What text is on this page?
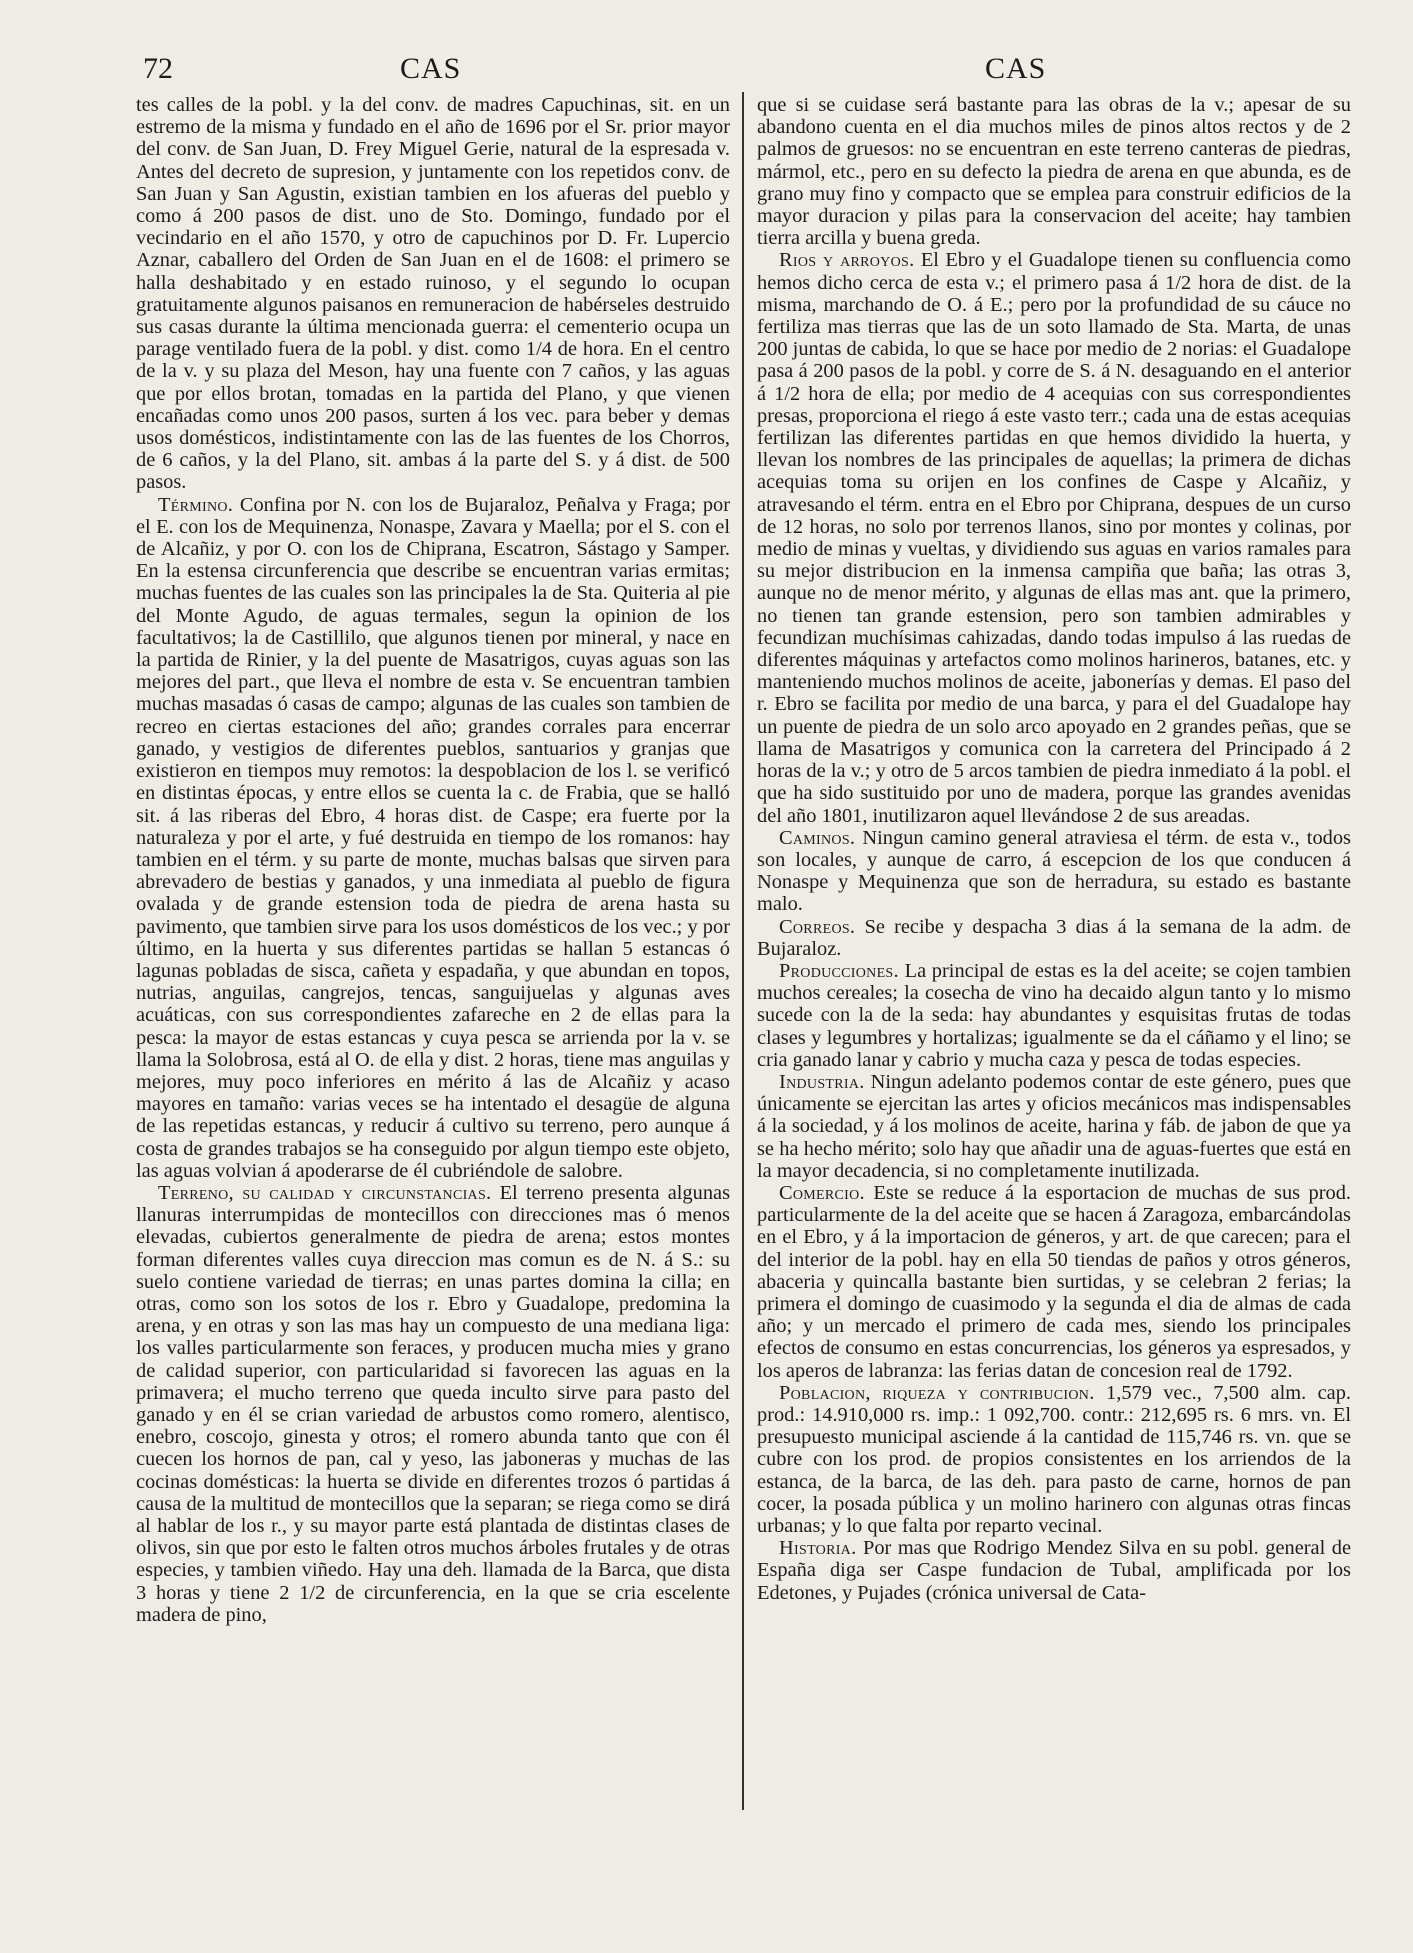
72	CAS	CAS

tes calles de la pobl. y la del conv. de madres Capuchinas, sit. en un estremo de la misma y fundado en el año de 1696 por el Sr. prior mayor del conv. de San Juan, D. Frey Miguel Gerie, natural de la espresada v. Antes del decreto de supresion, y juntamente con los repetidos conv. de San Juan y San Agustin, existian tambien en los afueras del pueblo y como á 200 pasos de dist. uno de Sto. Domingo, fundado por el vecindario en el año 1570, y otro de capuchinos por D. Fr. Lupercio Aznar, caballero del Orden de San Juan en el de 1608: el primero se halla deshabitado y en estado ruinoso, y el segundo lo ocupan gratuitamente algunos paisanos en remuneracion de habérseles destruido sus casas durante la última mencionada guerra: el cementerio ocupa un parage ventilado fuera de la pobl. y dist. como 1/4 de hora. En el centro de la v. y su plaza del Meson, hay una fuente con 7 caños, y las aguas que por ellos brotan, tomadas en la partida del Plano, y que vienen encañadas como unos 200 pasos, surten á los vec. para beber y demas usos domésticos, indistintamente con las de las fuentes de los Chorros, de 6 caños, y la del Plano, sit. ambas á la parte del S. y á dist. de 500 pasos.

Término. Confina por N. con los de Bujaraloz, Peñalva y Fraga; por el E. con los de Mequinenza, Nonaspe, Zavara y Maella; por el S. con el de Alcañiz, y por O. con los de Chiprana, Escatron, Sástago y Samper. En la estensa circunferencia que describe se encuentran varias ermitas; muchas fuentes de las cuales son las principales la de Sta. Quiteria al pie del Monte Agudo, de aguas termales, segun la opinion de los facultativos; la de Castillilo, que algunos tienen por mineral, y nace en la partida de Rinier, y la del puente de Masatrigos, cuyas aguas son las mejores del part., que lleva el nombre de esta v. Se encuentran tambien muchas masadas ó casas de campo; algunas de las cuales son tambien de recreo en ciertas estaciones del año; grandes corrales para encerrar ganado, y vestigios de diferentes pueblos, santuarios y granjas que existieron en tiempos muy remotos: la despoblacion de los l. se verificó en distintas épocas, y entre ellos se cuenta la c. de Frabia, que se halló sit. á las riberas del Ebro, 4 horas dist. de Caspe; era fuerte por la naturaleza y por el arte, y fué destruida en tiempo de los romanos: hay tambien en el térm. y su parte de monte, muchas balsas que sirven para abrevadero de bestias y ganados, y una inmediata al pueblo de figura ovalada y de grande estension toda de piedra de arena hasta su pavimento, que tambien sirve para los usos domésticos de los vec.; y por último, en la huerta y sus diferentes partidas se hallan 5 estancas ó lagunas pobladas de sisca, cañeta y espadaña, y que abundan en topos, nutrias, anguilas, cangrejos, tencas, sanguijuelas y algunas aves acuáticas, con sus correspondientes zafareche en 2 de ellas para la pesca: la mayor de estas estancas y cuya pesca se arrienda por la v. se llama la Solobrosa, está al O. de ella y dist. 2 horas, tiene mas anguilas y mejores, muy poco inferiores en mérito á las de Alcañiz y acaso mayores en tamaño: varias veces se ha intentado el desagüe de alguna de las repetidas estancas, y reducir á cultivo su terreno, pero aunque á costa de grandes trabajos se ha conseguido por algun tiempo este objeto, las aguas volvian á apoderarse de él cubriéndole de salobre.

Terreno, su calidad y circunstancias. El terreno presenta algunas llanuras interrumpidas de montecillos con direcciones mas ó menos elevadas, cubiertos generalmente de piedra de arena; estos montes forman diferentes valles cuya direccion mas comun es de N. á S.: su suelo contiene variedad de tierras; en unas partes domina la cilla; en otras, como son los sotos de los r. Ebro y Guadalope, predomina la arena, y en otras y son las mas hay un compuesto de una mediana liga: los valles particularmente son feraces, y producen mucha mies y grano de calidad superior, con particularidad si favorecen las aguas en la primavera; el mucho terreno que queda inculto sirve para pasto del ganado y en él se crian variedad de arbustos como romero, alentisco, enebro, coscojo, ginesta y otros; el romero abunda tanto que con él cuecen los hornos de pan, cal y yeso, las jaboneras y muchas de las cocinas domésticas: la huerta se divide en diferentes trozos ó partidas á causa de la multitud de montecillos que la separan; se riega como se dirá al hablar de los r., y su mayor parte está plantada de distintas clases de olivos, sin que por esto le falten otros muchos árboles frutales y de otras especies, y tambien viñedo. Hay una deh. llamada de la Barca, que dista 3 horas y tiene 2 1/2 de circunferencia, en la que se cria escelente madera de pino,

que si se cuidase será bastante para las obras de la v.; apesar de su abandono cuenta en el dia muchos miles de pinos altos rectos y de 2 palmos de gruesos: no se encuentran en este terreno canteras de piedras, mármol, etc., pero en su defecto la piedra de arena en que abunda, es de grano muy fino y compacto que se emplea para construir edificios de la mayor duracion y pilas para la conservacion del aceite; hay tambien tierra arcilla y buena greda.

Rios y arroyos. El Ebro y el Guadalope tienen su confluencia como hemos dicho cerca de esta v.; el primero pasa á 1/2 hora de dist. de la misma, marchando de O. á E.; pero por la profundidad de su cáuce no fertiliza mas tierras que las de un soto llamado de Sta. Marta, de unas 200 juntas de cabida, lo que se hace por medio de 2 norias: el Guadalope pasa á 200 pasos de la pobl. y corre de S. á N. desaguando en el anterior á 1/2 hora de ella; por medio de 4 acequias con sus correspondientes presas, proporciona el riego á este vasto terr.; cada una de estas acequias fertilizan las diferentes partidas en que hemos dividido la huerta, y llevan los nombres de las principales de aquellas; la primera de dichas acequias toma su orijen en los confines de Caspe y Alcañiz, y atravesando el térm. entra en el Ebro por Chiprana, despues de un curso de 12 horas, no solo por terrenos llanos, sino por montes y colinas, por medio de minas y vueltas, y dividiendo sus aguas en varios ramales para su mejor distribucion en la inmensa campiña que baña; las otras 3, aunque no de menor mérito, y algunas de ellas mas ant. que la primero, no tienen tan grande estension, pero son tambien admirables y fecundizan muchísimas cahizadas, dando todas impulso á las ruedas de diferentes máquinas y artefactos como molinos harineros, batanes, etc. y manteniendo muchos molinos de aceite, jabonerías y demas. El paso del r. Ebro se facilita por medio de una barca, y para el del Guadalope hay un puente de piedra de un solo arco apoyado en 2 grandes peñas, que se llama de Masatrigos y comunica con la carretera del Principado á 2 horas de la v.; y otro de 5 arcos tambien de piedra inmediato á la pobl. el que ha sido sustituido por uno de madera, porque las grandes avenidas del año 1801, inutilizaron aquel llevándose 2 de sus areadas.

Caminos. Ningun camino general atraviesa el térm. de esta v., todos son locales, y aunque de carro, á escepcion de los que conducen á Nonaspe y Mequinenza que son de herradura, su estado es bastante malo.

Correos. Se recibe y despacha 3 dias á la semana de la adm. de Bujaraloz.

Producciones. La principal de estas es la del aceite; se cojen tambien muchos cereales; la cosecha de vino ha decaido algun tanto y lo mismo sucede con la de la seda: hay abundantes y esquisitas frutas de todas clases y legumbres y hortalizas; igualmente se da el cáñamo y el lino; se cria ganado lanar y cabrio y mucha caza y pesca de todas especies.

Industria. Ningun adelanto podemos contar de este género, pues que únicamente se ejercitan las artes y oficios mecánicos mas indispensables á la sociedad, y á los molinos de aceite, harina y fáb. de jabon de que ya se ha hecho mérito; solo hay que añadir una de aguas-fuertes que está en la mayor decadencia, si no completamente inutilizada.

Comercio. Este se reduce á la esportacion de muchas de sus prod. particularmente de la del aceite que se hacen á Zaragoza, embarcándolas en el Ebro, y á la importacion de géneros, y art. de que carecen; para el del interior de la pobl. hay en ella 50 tiendas de paños y otros géneros, abaceria y quincalla bastante bien surtidas, y se celebran 2 ferias; la primera el domingo de cuasimodo y la segunda el dia de almas de cada año; y un mercado el primero de cada mes, siendo los principales efectos de consumo en estas concurrencias, los géneros ya espresados, y los aperos de labranza: las ferias datan de concesion real de 1792.

Poblacion, riqueza y contribucion. 1,579 vec., 7,500 alm. cap. prod.: 14.910,000 rs. imp.: 1 092,700. contr.: 212,695 rs. 6 mrs. vn. El presupuesto municipal asciende á la cantidad de 115,746 rs. vn. que se cubre con los prod. de propios consistentes en los arriendos de la estanca, de la barca, de las deh. para pasto de carne, hornos de pan cocer, la posada pública y un molino harinero con algunas otras fincas urbanas; y lo que falta por reparto vecinal.

Historia. Por mas que Rodrigo Mendez Silva en su pobl. general de España diga ser Caspe fundacion de Tubal, amplificada por los Edetones, y Pujades (crónica universal de Cata-
